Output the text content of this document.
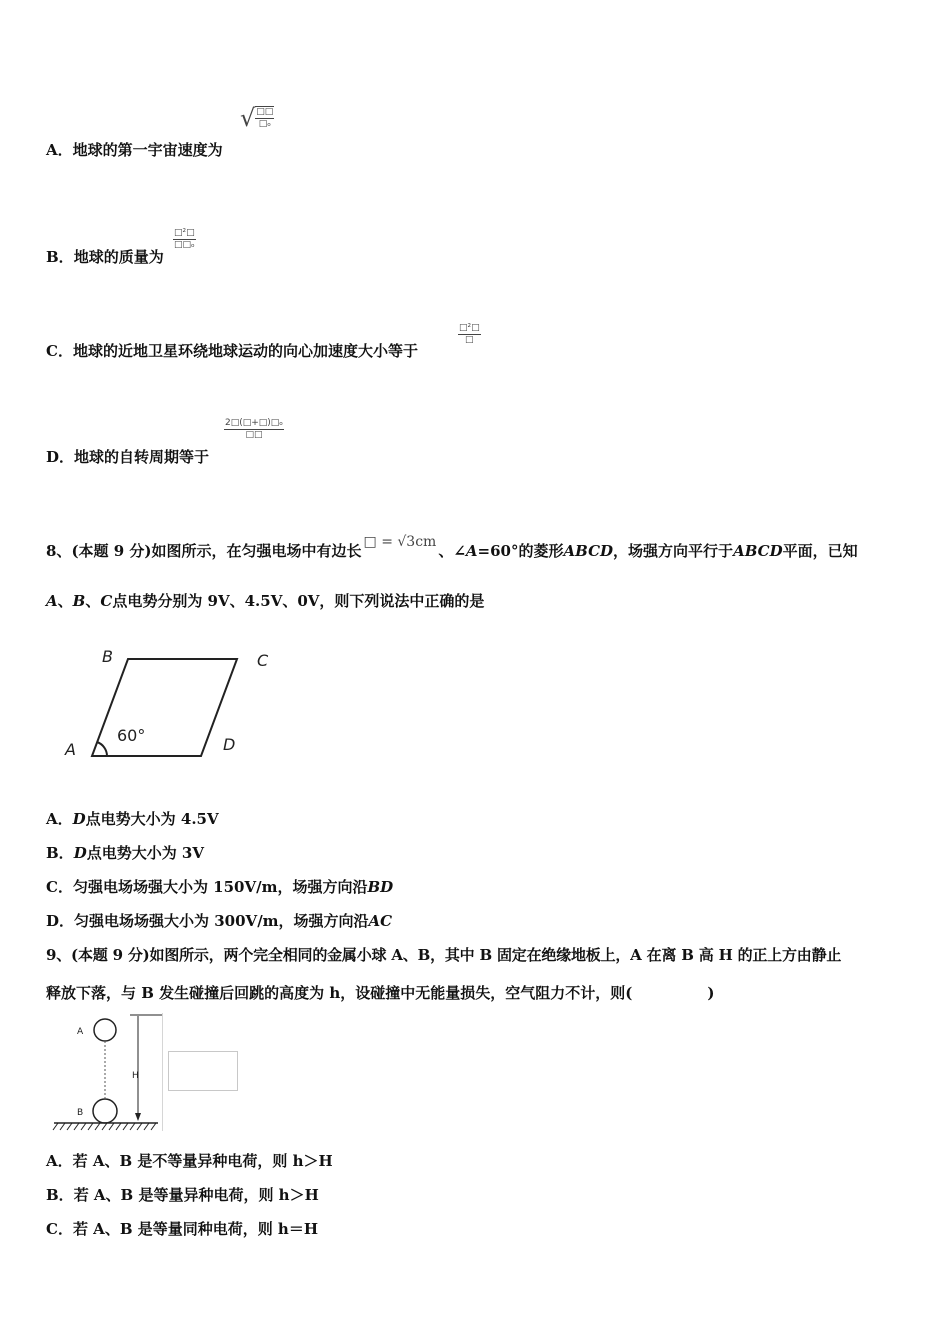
A．地球的第一宇宙速度为
√ $\frac{□□}{\text{□ₒ}}$
B．地球的质量为
$\frac{\text{□²□}}{\text{□□ₒ}}$
C．地球的近地卫星环绕地球运动的向心加速度大小等于
$\frac{\text{□²□}}{□}$
D．地球的自转周期等于
$\frac{\text{2□(□+□)□ₒ}}{□□}$
8、(本题 9 分)如图所示，在匀强电场中有边长 □ = √3cm 、∠A=60°的菱形ABCD，场强方向平行于ABCD平面，已知
A、B、C点电势分别为 9V、4.5V、0V，则下列说法中正确的是
B	C
A	D
60°
A．D点电势大小为 4.5V
B．D点电势大小为 3V
C．匀强电场场强大小为 150V/m，场强方向沿BD
D．匀强电场场强大小为 300V/m，场强方向沿AC
9、(本题 9 分)如图所示，两个完全相同的金属小球 A、B，其中 B 固定在绝缘地板上，A 在离 B 高 H 的正上方由静止
释放下落，与 B 发生碰撞后回跳的高度为 h，设碰撞中无能量损失，空气阻力不计，则(　　　　　)
A
B
H
A．若 A、B 是不等量异种电荷，则 h＞H
B．若 A、B 是等量异种电荷，则 h＞H
C．若 A、B 是等量同种电荷，则 h＝H
